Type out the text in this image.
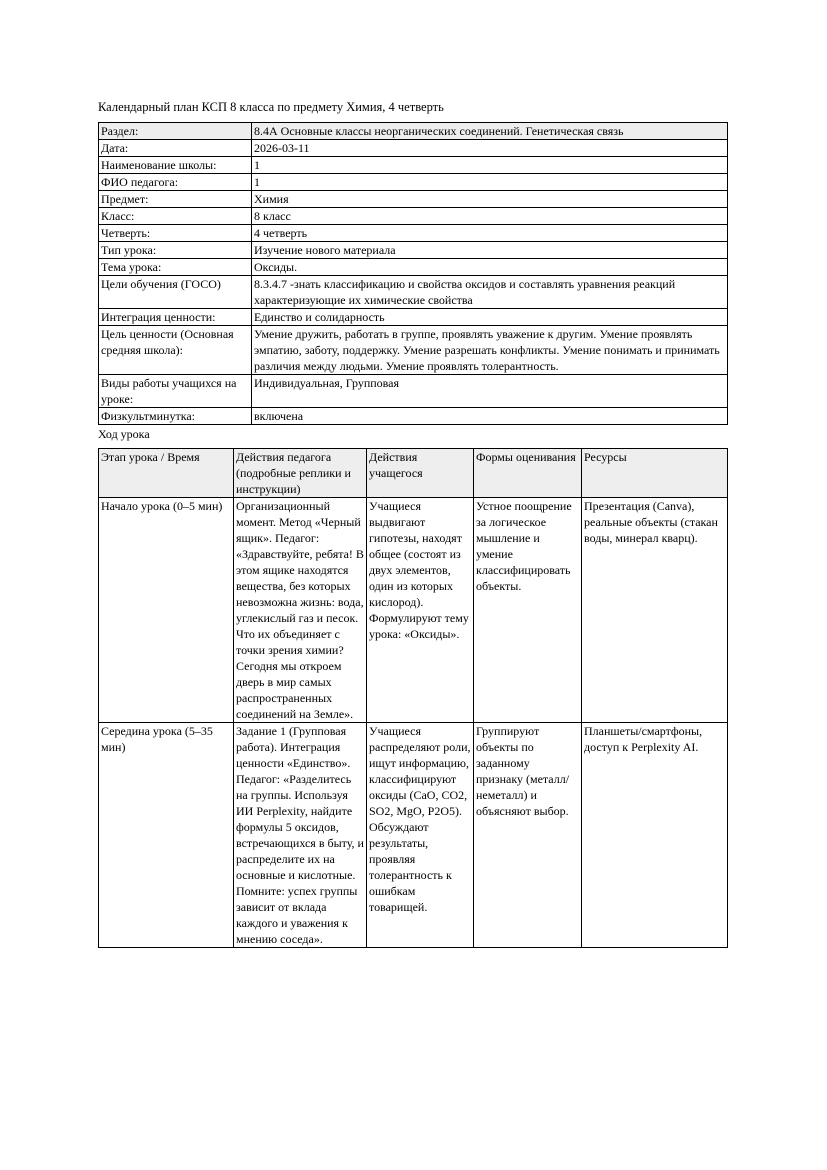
Календарный план КСП 8 класса по предмету Химия, 4 четверть
Раздел:	8.4А Основные классы неорганических соединений. Генетическая связь
Дата:	2026-03-11
Наименование школы:	1
ФИО педагога:	1
Предмет:	Химия
Класс:	8 класс
Четверть:	4 четверть
Тип урока:	Изучение нового материала
Тема урока:	Оксиды.
Цели обучения (ГОСО)	8.3.4.7 -знать классификацию и свойства оксидов и составлять уравнения реакций характеризующие их химические свойства
Интеграция ценности:	Единство и солидарность
Цель ценности (Основная средняя школа):	Умение дружить, работать в группе, проявлять уважение к другим. Умение проявлять эмпатию, заботу, поддержку. Умение разрешать конфликты. Умение понимать и принимать различия между людьми. Умение проявлять толерантность.
Виды работы учащихся на уроке:	Индивидуальная, Групповая
Физкультминутка:	включена
Ход урока
Этап урока / Время	Действия педагога (подробные реплики и инструкции)	Действия учащегося	Формы оценивания	Ресурсы
Начало урока (0–5 мин)	Организационный момент. Метод «Черный ящик». Педагог: «Здравствуйте, ребята! В этом ящике находятся вещества, без которых невозможна жизнь: вода, углекислый газ и песок. Что их объединяет с точки зрения химии? Сегодня мы откроем дверь в мир самых распространенных соединений на Земле».	Учащиеся выдвигают гипотезы, находят общее (состоят из двух элементов, один из которых кислород). Формулируют тему урока: «Оксиды».	Устное поощрение за логическое мышление и умение классифицировать объекты.	Презентация (Canva), реальные объекты (стакан воды, минерал кварц).
Середина урока (5–35 мин)	Задание 1 (Групповая работа). Интеграция ценности «Единство». Педагог: «Разделитесь на группы. Используя ИИ Perplexity, найдите формулы 5 оксидов, встречающихся в быту, и распределите их на основные и кислотные. Помните: успех группы зависит от вклада каждого и уважения к мнению соседа».	Учащиеся распределяют роли, ищут информацию, классифицируют оксиды (CaO, CO2, SO2, MgO, P2O5). Обсуждают результаты, проявляя толерантность к ошибкам товарищей.	Группируют объекты по заданному признаку (металл/неметалл) и объясняют выбор.	Планшеты/смартфоны, доступ к Perplexity AI.
